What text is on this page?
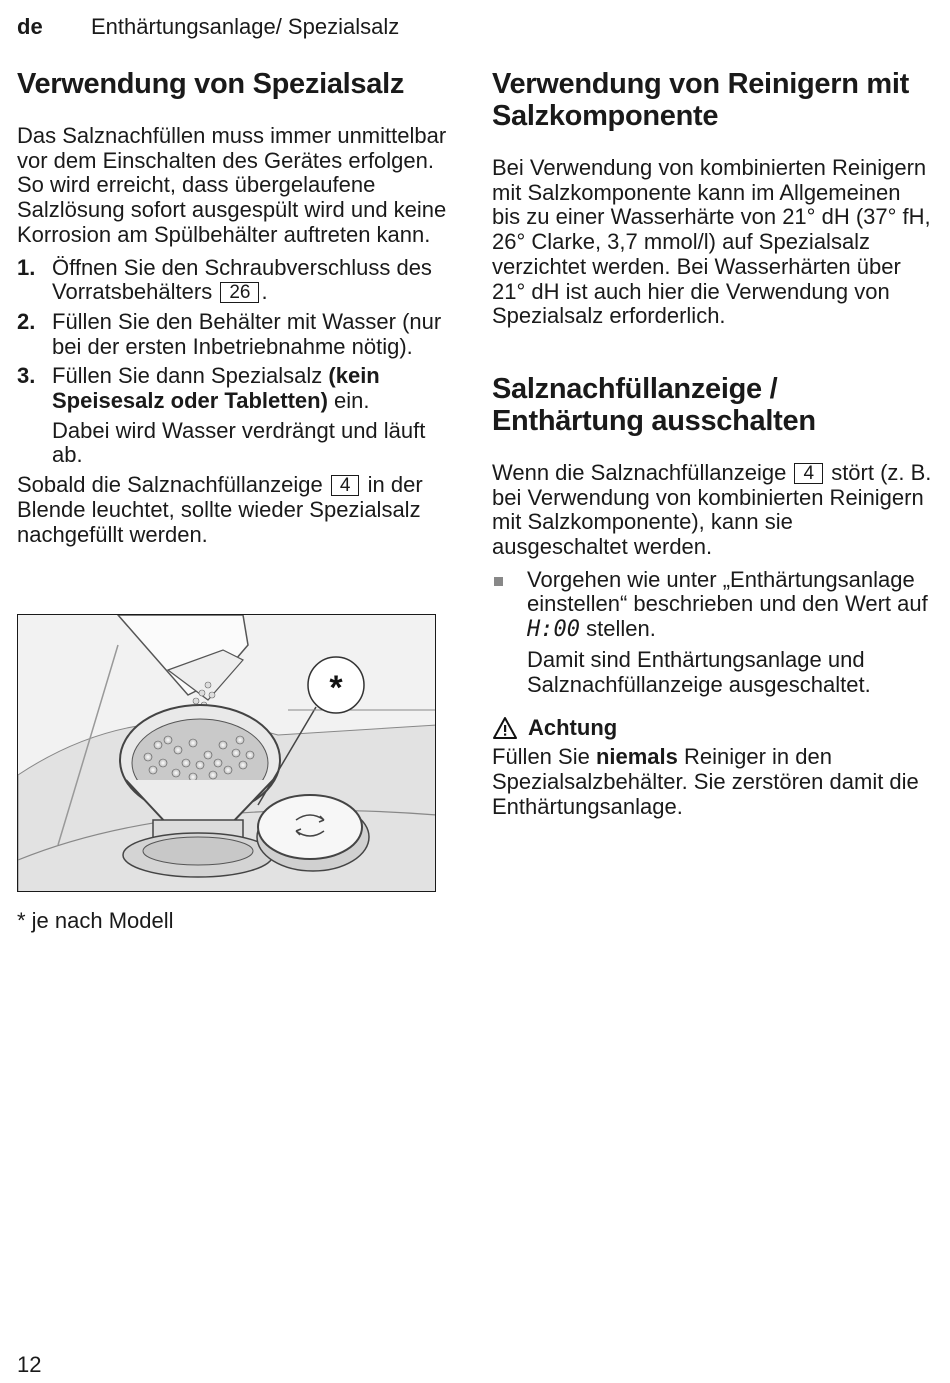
de Enthärtungsanlage/ Spezialsalz
Verwendung von Spezialsalz

Das Salznachfüllen muss immer unmittelbar vor dem Einschalten des Gerätes erfolgen. So wird erreicht, dass übergelaufene Salzlösung sofort ausgespült wird und keine Korrosion am Spülbehälter auftreten kann.

1. Öffnen Sie den Schraubverschluss des Vorratsbehälters 26 .
2. Füllen Sie den Behälter mit Wasser (nur bei der ersten Inbetriebnahme nötig).
3. Füllen Sie dann Spezialsalz (kein Speisesalz oder Tabletten) ein.
Dabei wird Wasser verdrängt und läuft ab.

Sobald die Salznachfüllanzeige 4 in der Blende leuchtet, sollte wieder Spezialsalz nachgefüllt werden.

*
* je nach Modell
Verwendung von Reinigern mit Salzkomponente

Bei Verwendung von kombinierten Reinigern mit Salzkomponente kann im Allgemeinen bis zu einer Wasserhärte von 21° dH (37° fH, 26° Clarke, 3,7 mmol/l) auf Spezialsalz verzichtet werden. Bei Wasserhärten über 21° dH ist auch hier die Verwendung von Spezialsalz erforderlich.

Salznachfüllanzeige / Enthärtung ausschalten

Wenn die Salznachfüllanzeige 4 stört (z. B. bei Verwendung von kombinierten Reinigern mit Salzkomponente), kann sie ausgeschaltet werden.

Vorgehen wie unter „Enthärtungsanlage einstellen“ beschrieben und den Wert auf H:00 stellen.
Damit sind Enthärtungsanlage und Salznachfüllanzeige ausgeschaltet.
Achtung

Füllen Sie niemals Reiniger in den Spezialsalzbehälter. Sie zerstören damit die Enthärtungsanlage.

12
